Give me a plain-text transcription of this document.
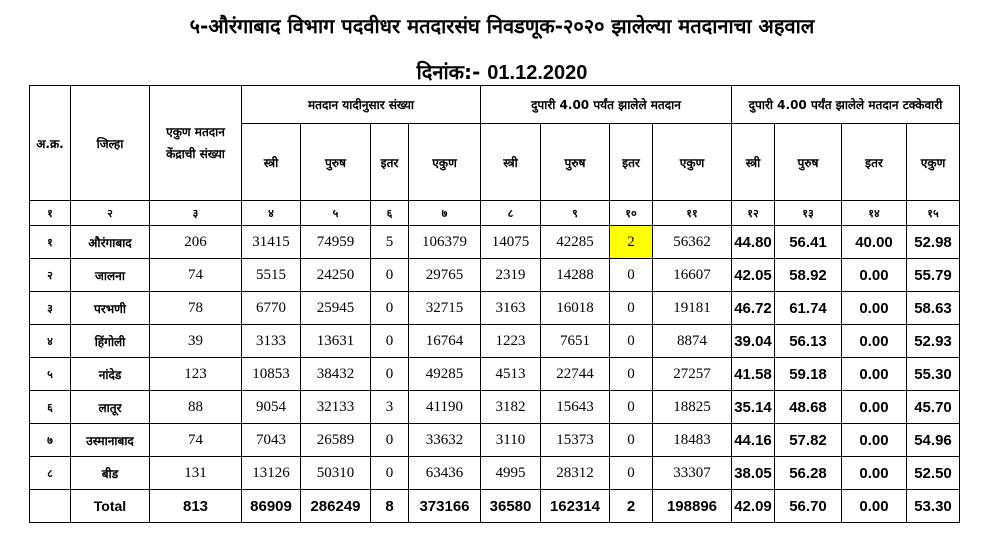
५-औरंगाबाद विभाग पदवीधर मतदारसंघ निवडणूक-२०२० झालेल्या मतदानाचा अहवाल
दिनांक:- 01.12.2020
अ.क्र.	जिल्हा	एकुण मतदान केंद्राची संख्या	मतदान यादीनुसार संख्या				दुपारी 4.00 पर्यंत झालेले मतदान				दुपारी 4.00 पर्यंत झालेले मतदान टक्केवारी			
			स्त्री	पुरुष	इतर	एकुण	स्त्री	पुरुष	इतर	एकुण	स्त्री	पुरुष	इतर	एकुण
१	२	३	४	५	६	७	८	९	१०	११	१२	१३	१४	१५
१	औरंगाबाद	206	31415	74959	5	106379	14075	42285	2	56362	44.80	56.41	40.00	52.98
२	जालना	74	5515	24250	0	29765	2319	14288	0	16607	42.05	58.92	0.00	55.79
३	परभणी	78	6770	25945	0	32715	3163	16018	0	19181	46.72	61.74	0.00	58.63
४	हिंगोली	39	3133	13631	0	16764	1223	7651	0	8874	39.04	56.13	0.00	52.93
५	नांदेड	123	10853	38432	0	49285	4513	22744	0	27257	41.58	59.18	0.00	55.30
६	लातूर	88	9054	32133	3	41190	3182	15643	0	18825	35.14	48.68	0.00	45.70
७	उस्मानाबाद	74	7043	26589	0	33632	3110	15373	0	18483	44.16	57.82	0.00	54.96
८	बीड	131	13126	50310	0	63436	4995	28312	0	33307	38.05	56.28	0.00	52.50
	Total	813	86909	286249	8	373166	36580	162314	2	198896	42.09	56.70	0.00	53.30
